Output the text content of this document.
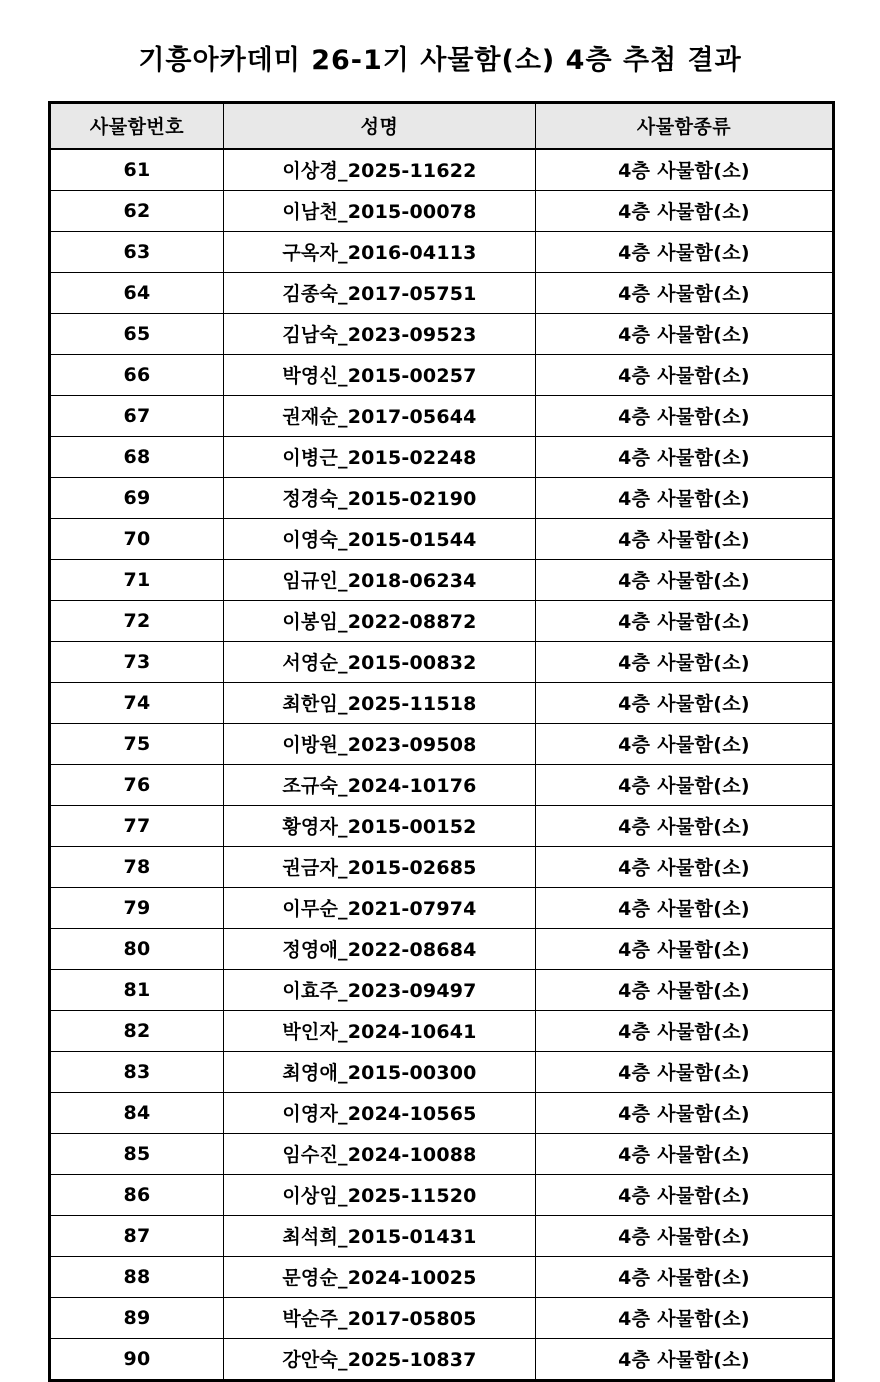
기흥아카데미 26-1기 사물함(소) 4층 추첨 결과
사물함번호	성명	사물함종류
61	이상경_2025-11622	4층 사물함(소)
62	이남천_2015-00078	4층 사물함(소)
63	구옥자_2016-04113	4층 사물함(소)
64	김종숙_2017-05751	4층 사물함(소)
65	김남숙_2023-09523	4층 사물함(소)
66	박영신_2015-00257	4층 사물함(소)
67	권재순_2017-05644	4층 사물함(소)
68	이병근_2015-02248	4층 사물함(소)
69	정경숙_2015-02190	4층 사물함(소)
70	이영숙_2015-01544	4층 사물함(소)
71	임규인_2018-06234	4층 사물함(소)
72	이봉임_2022-08872	4층 사물함(소)
73	서영순_2015-00832	4층 사물함(소)
74	최한임_2025-11518	4층 사물함(소)
75	이방원_2023-09508	4층 사물함(소)
76	조규숙_2024-10176	4층 사물함(소)
77	황영자_2015-00152	4층 사물함(소)
78	권금자_2015-02685	4층 사물함(소)
79	이무순_2021-07974	4층 사물함(소)
80	정영애_2022-08684	4층 사물함(소)
81	이효주_2023-09497	4층 사물함(소)
82	박인자_2024-10641	4층 사물함(소)
83	최영애_2015-00300	4층 사물함(소)
84	이영자_2024-10565	4층 사물함(소)
85	임수진_2024-10088	4층 사물함(소)
86	이상임_2025-11520	4층 사물함(소)
87	최석희_2015-01431	4층 사물함(소)
88	문영순_2024-10025	4층 사물함(소)
89	박순주_2017-05805	4층 사물함(소)
90	강안숙_2025-10837	4층 사물함(소)
